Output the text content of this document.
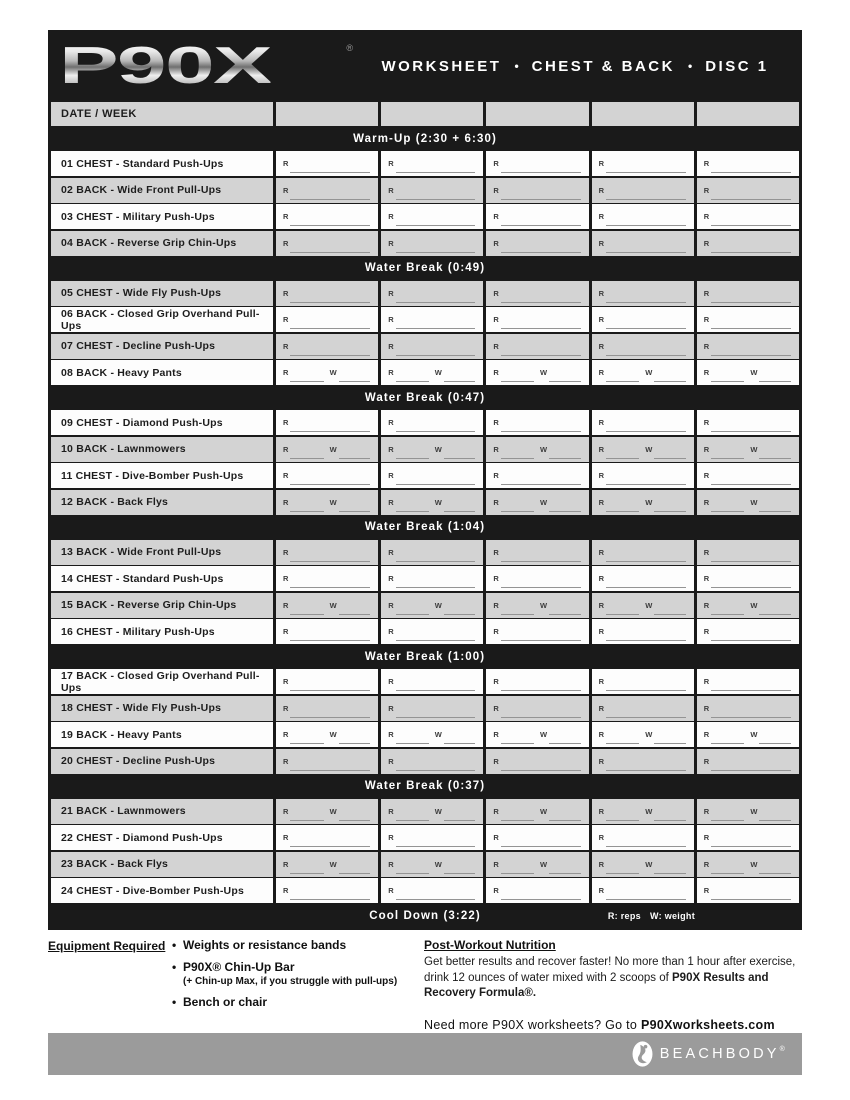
P90X	®
WORKSHEET • CHEST & BACK • DISC 1
DATE / WEEK
Warm-Up (2:30 + 6:30)
01 CHEST - Standard Push-Ups	R	R	R	R	R
02 BACK - Wide Front Pull-Ups	R	R	R	R	R
03 CHEST - Military Push-Ups	R	R	R	R	R
04 BACK - Reverse Grip Chin-Ups	R	R	R	R	R
Water Break (0:49)
05 CHEST - Wide Fly Push-Ups	R	R	R	R	R
06 BACK - Closed Grip Overhand Pull-Ups	R	R	R	R	R
07 CHEST - Decline Push-Ups	R	R	R	R	R
08 BACK - Heavy Pants	R	W	R	W	R	W	R	W	R	W
Water Break (0:47)
09 CHEST - Diamond Push-Ups	R	R	R	R	R
10 BACK - Lawnmowers	R	W	R	W	R	W	R	W	R	W
11 CHEST - Dive-Bomber Push-Ups	R	R	R	R	R
12 BACK - Back Flys	R	W	R	W	R	W	R	W	R	W
Water Break (1:04)
13 BACK - Wide Front Pull-Ups	R	R	R	R	R
14 CHEST - Standard Push-Ups	R	R	R	R	R
15 BACK - Reverse Grip Chin-Ups	R	W	R	W	R	W	R	W	R	W
16 CHEST - Military Push-Ups	R	R	R	R	R
Water Break (1:00)
17 BACK - Closed Grip Overhand Pull-Ups	R	R	R	R	R
18 CHEST - Wide Fly Push-Ups	R	R	R	R	R
19 BACK - Heavy Pants	R	W	R	W	R	W	R	W	R	W
20 CHEST - Decline Push-Ups	R	R	R	R	R
Water Break (0:37)
21 BACK - Lawnmowers	R	W	R	W	R	W	R	W	R	W
22 CHEST - Diamond Push-Ups	R	R	R	R	R
23 BACK - Back Flys	R	W	R	W	R	W	R	W	R	W
24 CHEST - Dive-Bomber Push-Ups	R	R	R	R	R
Cool Down (3:22)	R: reps W: weight
Equipment Required	• Weights or resistance bands
• P90X® Chin-Up Bar
(+ Chin-up Max, if you struggle with pull-ups)
• Bench or chair
Post-Workout Nutrition

Get better results and recover faster! No more than 1 hour after exercise, drink 12 ounces of water mixed with 2 scoops of P90X Results and Recovery Formula®.

Need more P90X worksheets? Go to P90Xworksheets.com

BEACHBODY®
